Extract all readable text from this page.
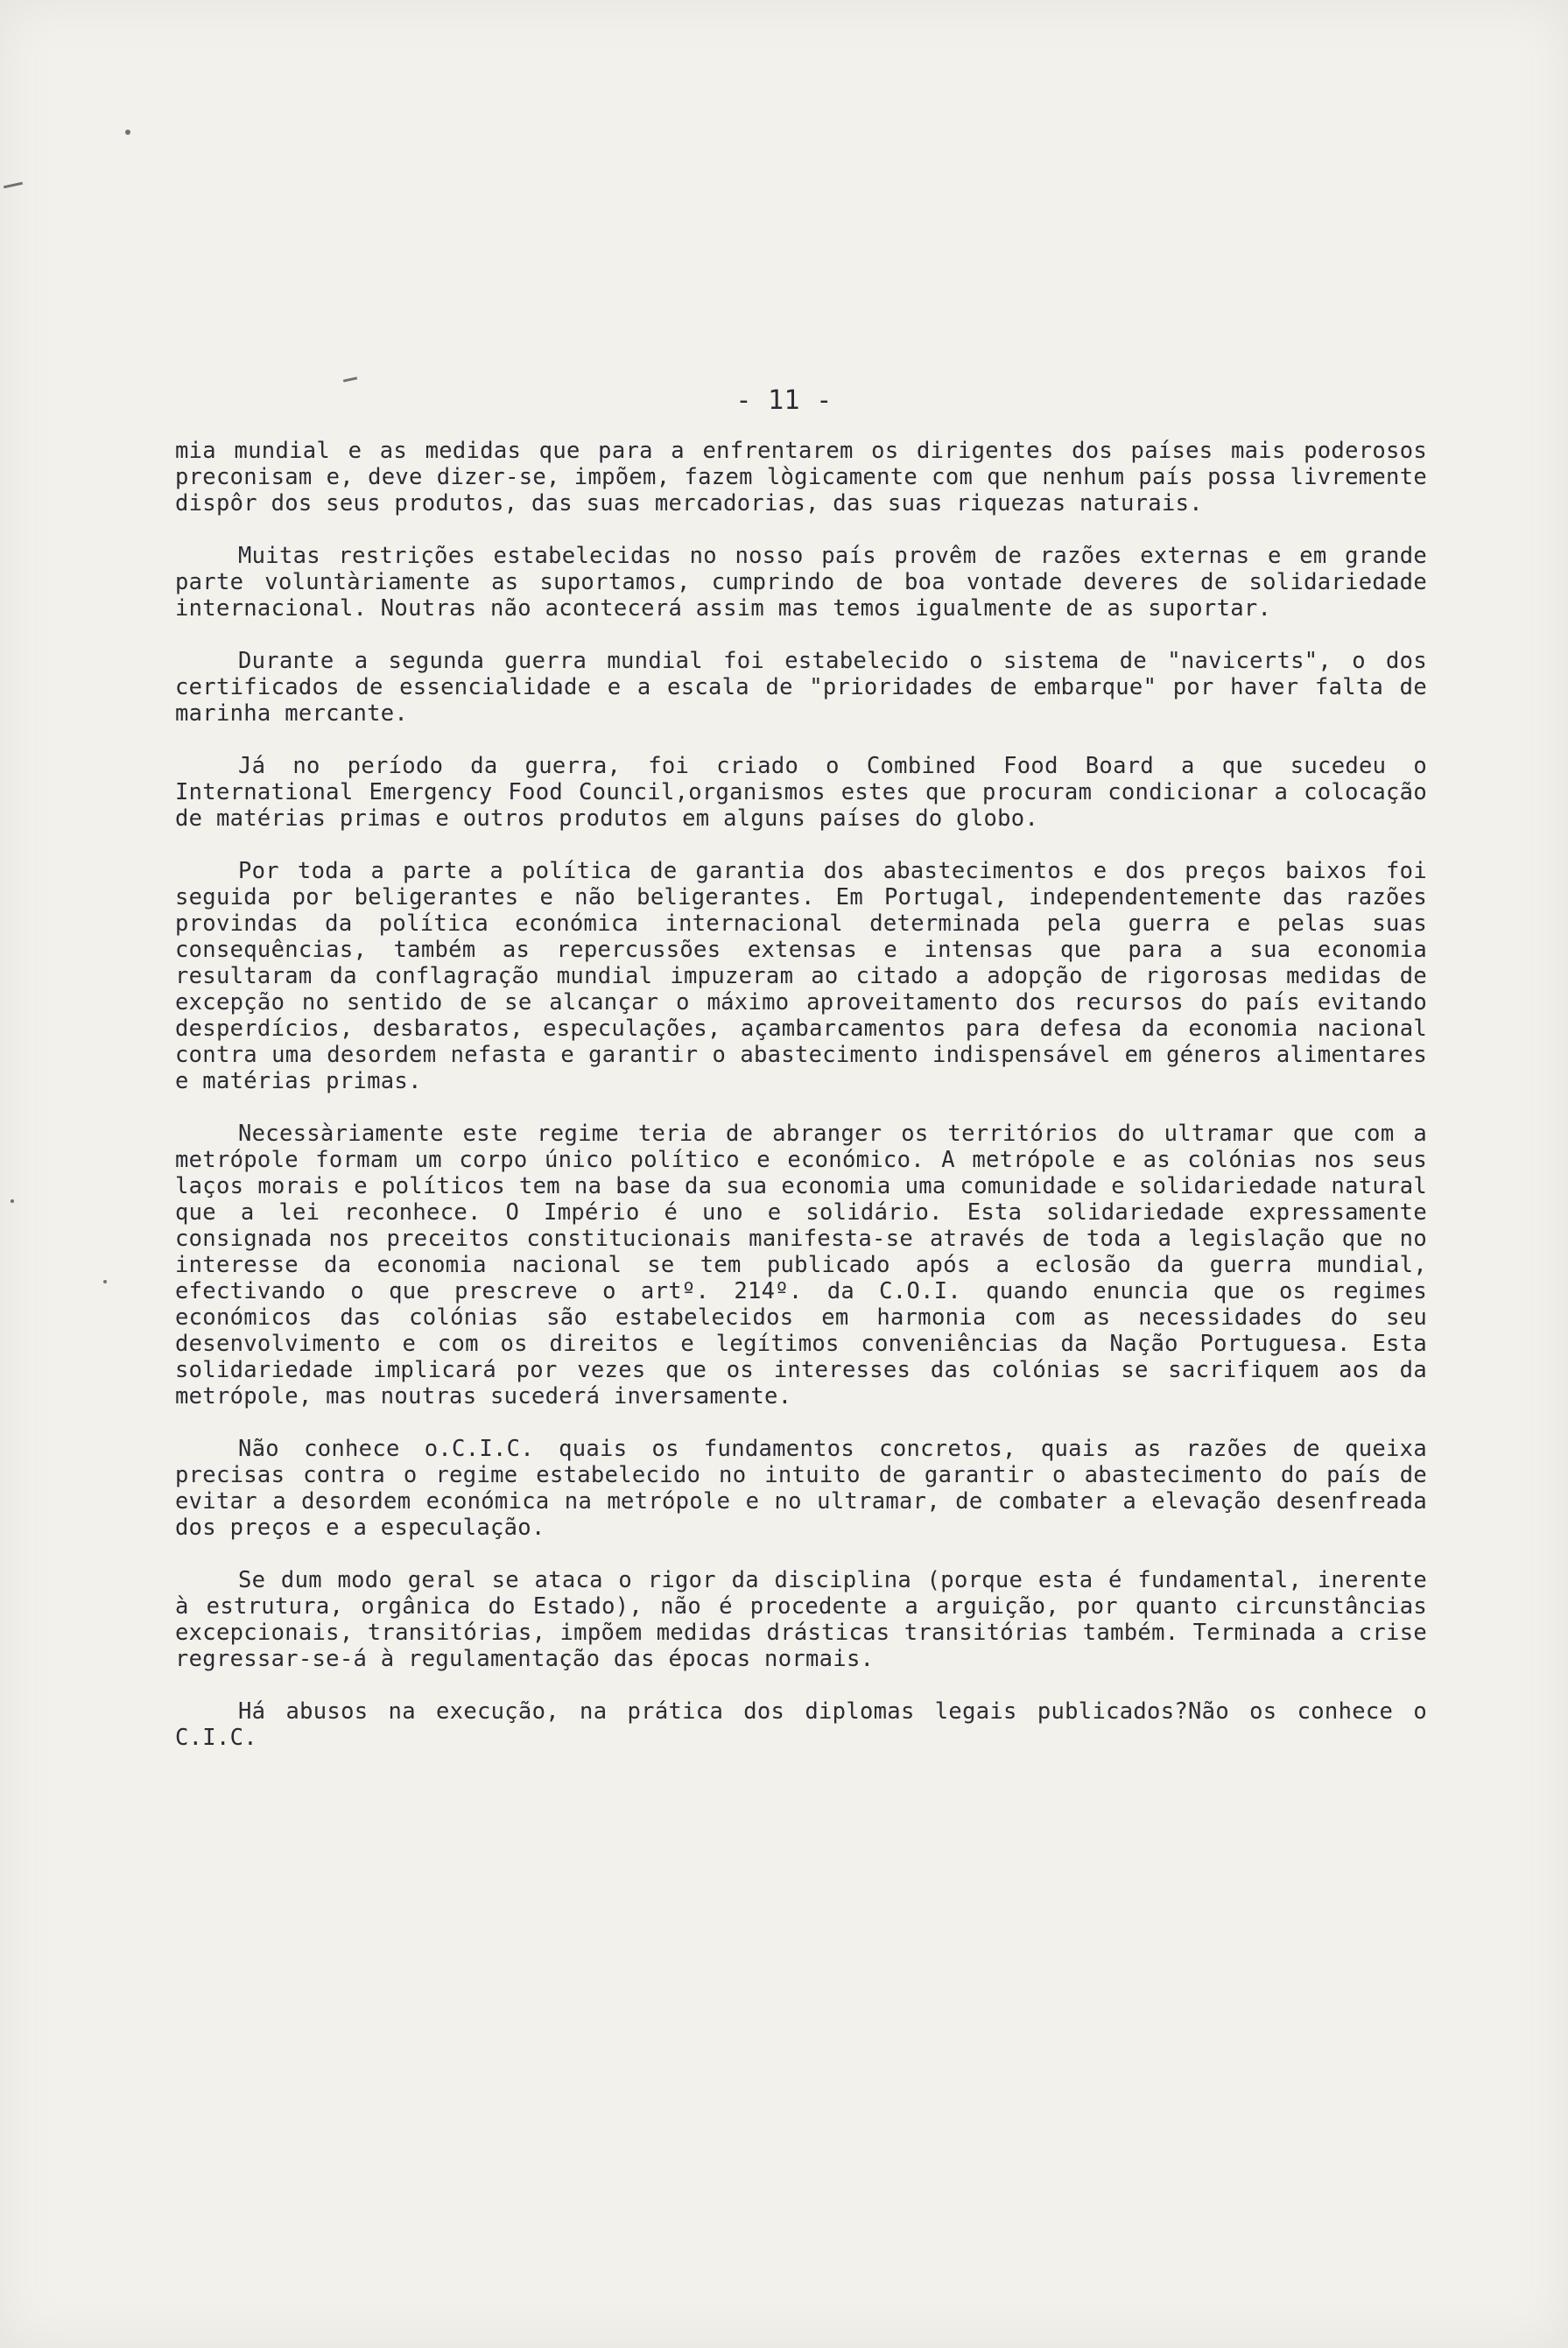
- 11 -

mia mundial e as medidas que para a enfrentarem os dirigentes dos países mais poderosos preconisam e, deve dizer-se, impõem, fazem lògicamente com que nenhum país possa livremente dispôr dos seus produtos, das suas mercadorias, das suas riquezas naturais.

Muitas restrições estabelecidas no nosso país provêm de razões externas e em grande parte voluntàriamente as suportamos, cumprindo de boa vontade deveres de solidariedade internacional. Noutras não acontecerá assim mas temos igualmente de as suportar.

Durante a segunda guerra mundial foi estabelecido o sistema de "navicerts", o dos certificados de essencialidade e a escala de "prioridades de embarque" por haver falta de marinha mercante.

Já no período da guerra, foi criado o Combined Food Board a que sucedeu o International Emergency Food Council,organismos estes que procuram condicionar a colocação de matérias primas e outros produtos em alguns países do globo.

Por toda a parte a política de garantia dos abastecimentos e dos preços baixos foi seguida por beligerantes e não beligerantes. Em Portugal, independentemente das razões provindas da política económica internacional determinada pela guerra e pelas suas consequências, também as repercussões extensas e intensas que para a sua economia resultaram da conflagração mundial impuzeram ao citado a adopção de rigorosas medidas de excepção no sentido de se alcançar o máximo aproveitamento dos recursos do país evitando desperdícios, desbaratos, especulações, açambarcamentos para defesa da economia nacional contra uma desordem nefasta e garantir o abastecimento indispensável em géneros alimentares e matérias primas.

Necessàriamente este regime teria de abranger os territórios do ultramar que com a metrópole formam um corpo único político e económico. A metrópole e as colónias nos seus laços morais e políticos tem na base da sua economia uma comunidade e solidariedade natural que a lei reconhece. O Império é uno e solidário. Esta solidariedade expressamente consignada nos preceitos constitucionais manifesta-se através de toda a legislação que no interesse da economia nacional se tem publicado após a eclosão da guerra mundial, efectivando o que prescreve o artº. 214º. da C.O.I. quando enuncia que os regimes económicos das colónias são estabelecidos em harmonia com as necessidades do seu desenvolvimento e com os direitos e legítimos conveniências da Nação Portuguesa. Esta solidariedade implicará por vezes que os interesses das colónias se sacrifiquem aos da metrópole, mas noutras sucederá inversamente.

Não conhece o.C.I.C. quais os fundamentos concretos, quais as razões de queixa precisas contra o regime estabelecido no intuito de garantir o abastecimento do país de evitar a desordem económica na metrópole e no ultramar, de combater a elevação desenfreada dos preços e a especulação.

Se dum modo geral se ataca o rigor da disciplina (porque esta é fundamental, inerente à estrutura, orgânica do Estado), não é procedente a arguição, por quanto circunstâncias excepcionais, transitórias, impõem medidas drásticas transitórias também. Terminada a crise regressar-se-á à regulamentação das épocas normais.

Há abusos na execução, na prática dos diplomas legais publicados?Não os conhece o C.I.C.
